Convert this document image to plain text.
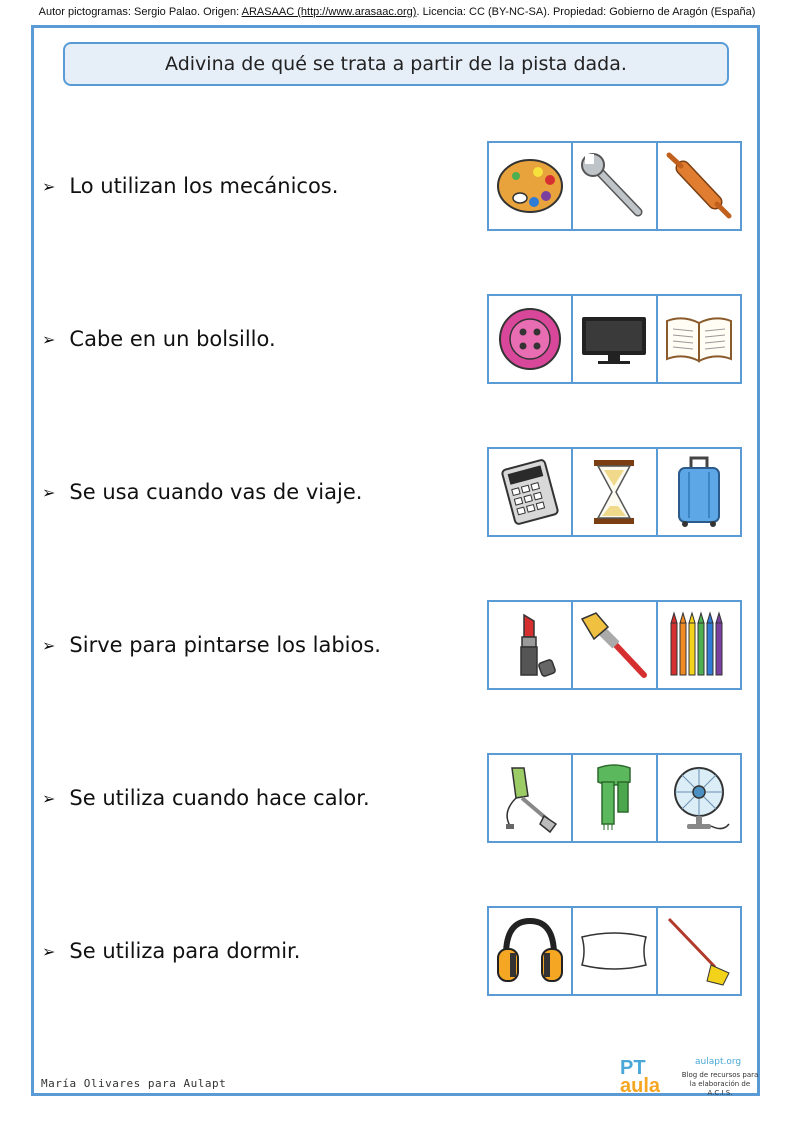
Autor pictogramas: Sergio Palao. Origen: ARASAAC (http://www.arasaac.org). Licencia: CC (BY-NC-SA). Propiedad: Gobierno de Aragón (España)
Adivina de qué se trata a partir de la pista dada.
➢ Lo utilizan los mecánicos.
➢ Cabe en un bolsillo.
➢ Se usa cuando vas de viaje.
➢ Sirve para pintarse los labios.
➢ Se utiliza cuando hace calor.
➢ Se utiliza para dormir.
María Olivares para Aulapt
PT
aula
aulapt.org
Blog de recursos para la elaboración de A.C.I.S.
